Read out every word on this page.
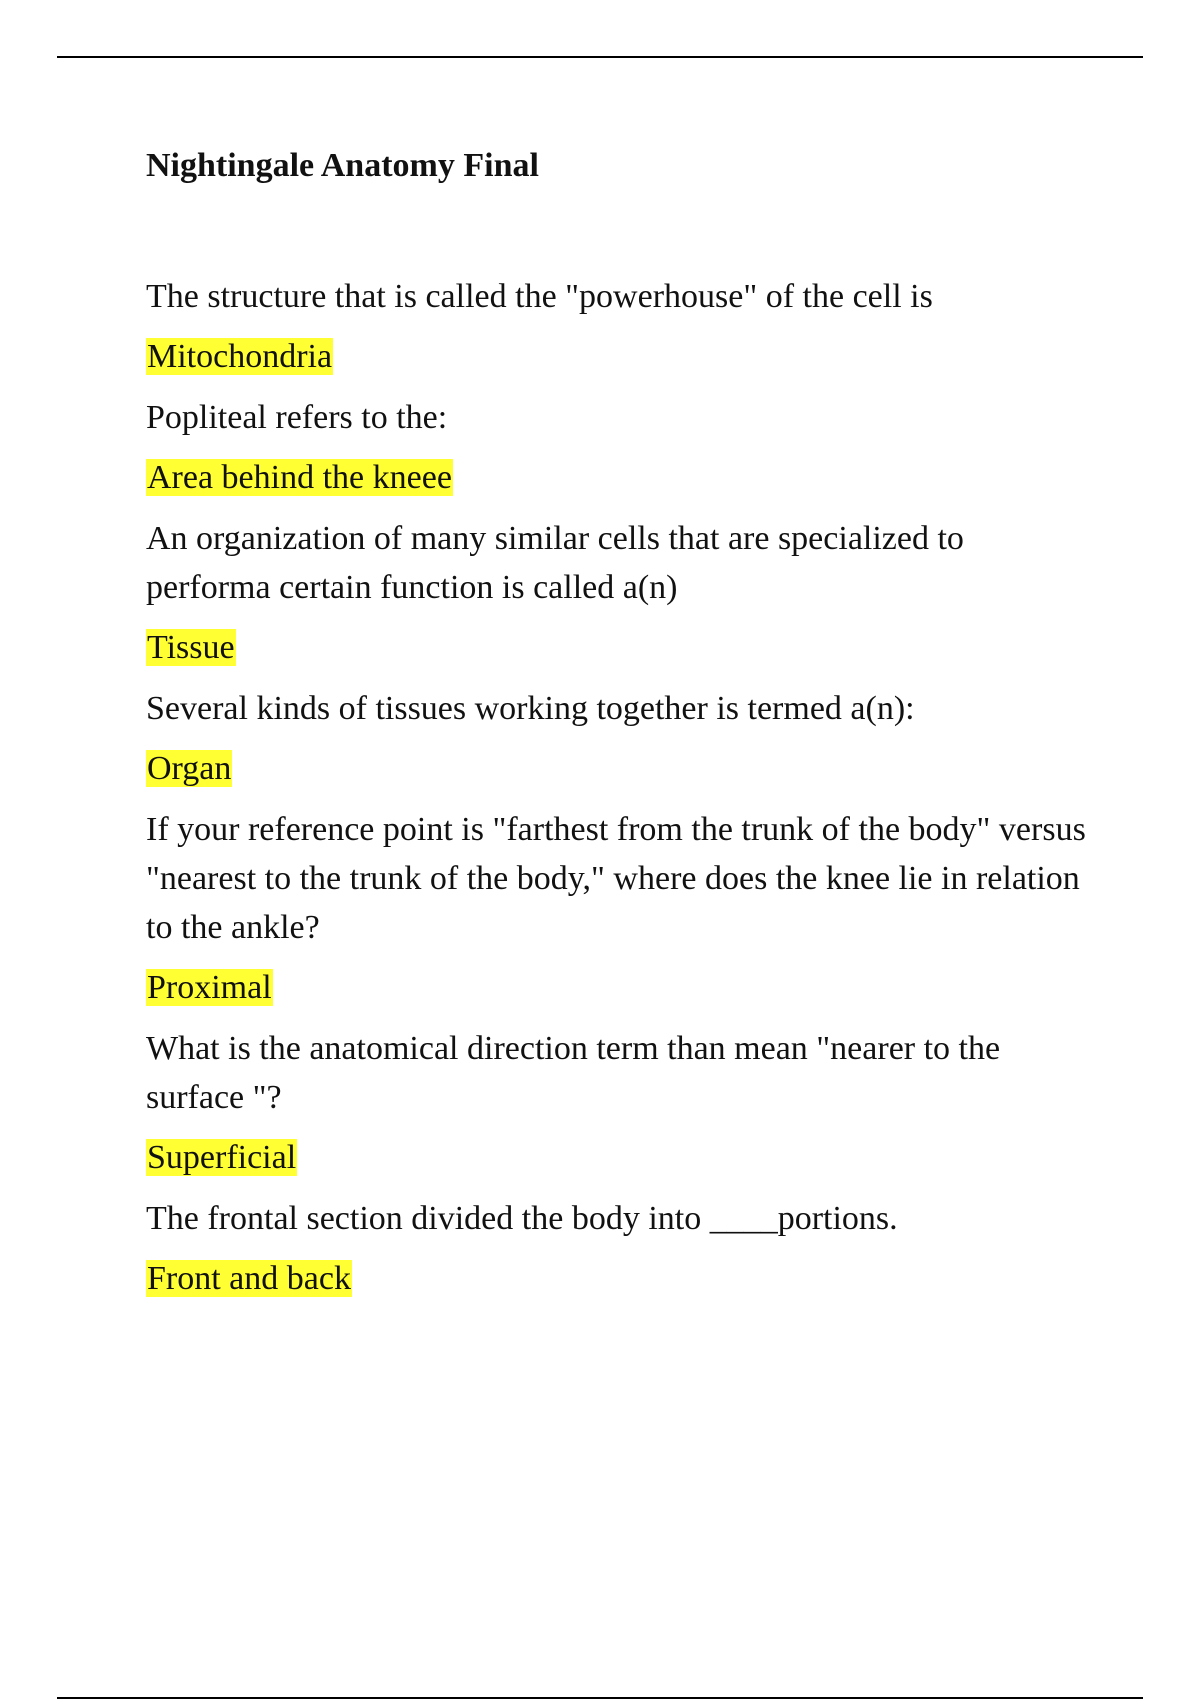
Nightingale Anatomy Final

The structure that is called the "powerhouse" of the cell is

Mitochondria

Popliteal refers to the:

Area behind the kneee

An organization of many similar cells that are specialized to performa certain function is called a(n)

Tissue

Several kinds of tissues working together is termed a(n):

Organ

If your reference point is "farthest from the trunk of the body" versus "nearest to the trunk of the body," where does the knee lie in relation to the ankle?

Proximal

What is the anatomical direction term than mean "nearer to the surface "?

Superficial

The frontal section divided the body into ____portions.

Front and back
